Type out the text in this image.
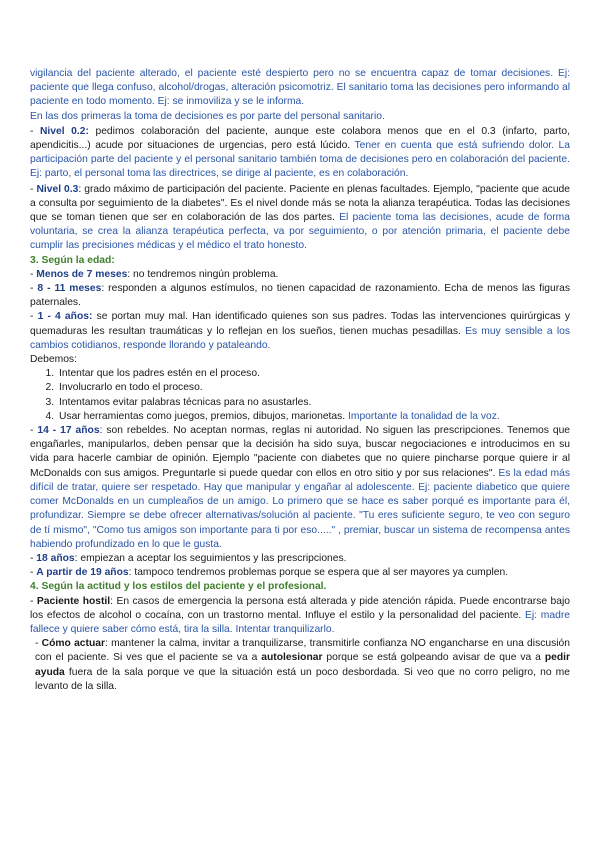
vigilancia del paciente alterado, el paciente esté despierto pero no se encuentra capaz de tomar decisiones. Ej: paciente que llega confuso, alcohol/drogas, alteración psicomotriz. El sanitario toma las decisiones pero informando al paciente en todo momento. Ej: se inmoviliza y se le informa.
En las dos primeras la toma de decisiones es por parte del personal sanitario.

- Nivel 0.2: pedimos colaboración del paciente, aunque este colabora menos que en el 0.3 (infarto, parto, apendicitis...) acude por situaciones de urgencias, pero está lúcido. Tener en cuenta que está sufriendo dolor. La participación parte del paciente y el personal sanitario también toma de decisiones pero en colaboración del paciente. Ej: parto, el personal toma las directrices, se dirige al paciente, es en colaboración.

- Nivel 0.3: grado máximo de participación del paciente. Paciente en plenas facultades. Ejemplo, "paciente que acude a consulta por seguimiento de la diabetes". Es el nivel donde más se nota la alianza terapéutica. Todas las decisiones que se toman tienen que ser en colaboración de las dos partes. El paciente toma las decisiones, acude de forma voluntaria, se crea la alianza terapéutica perfecta, va por seguimiento, o por atención primaria, el paciente debe cumplir las precisiones médicas y el médico el trato honesto.

3. Según la edad:

- Menos de 7 meses: no tendremos ningún problema.

- 8 - 11 meses: responden a algunos estímulos, no tienen capacidad de razonamiento. Echa de menos las figuras paternales.

- 1 - 4 años: se portan muy mal. Han identificado quienes son sus padres. Todas las intervenciones quirúrgicas y quemaduras les resultan traumáticas y lo reflejan en los sueños, tienen muchas pesadillas. Es muy sensible a los cambios cotidianos, responde llorando y pataleando.

Debemos:

1. Intentar que los padres estén en el proceso.
2. Involucrarlo en todo el proceso.
3. Intentamos evitar palabras técnicas para no asustarles.
4. Usar herramientas como juegos, premios, dibujos, marionetas. Importante la tonalidad de la voz.

- 14 - 17 años: son rebeldes. No aceptan normas, reglas ni autoridad. No siguen las prescripciones. Tenemos que engañarles, manipularlos, deben pensar que la decisión ha sido suya, buscar negociaciones e introducimos en su vida para hacerle cambiar de opinión. Ejemplo "paciente con diabetes que no quiere pincharse porque quiere ir al McDonalds con sus amigos. Preguntarle si puede quedar con ellos en otro sitio y por sus relaciones". Es la edad más difícil de tratar, quiere ser respetado. Hay que manipular y engañar al adolescente. Ej: paciente diabetico que quiere comer McDonalds en un cumpleaños de un amigo. Lo primero que se hace es saber porqué es importante para él, profundizar. Siempre se debe ofrecer alternativas/solución al paciente. "Tu eres suficiente seguro, te veo con seguro de tí mismo", "Como tus amigos son importante para ti por eso....." , premiar, buscar un sistema de recompensa antes habiendo profundizado en lo que le gusta.

- 18 años: empiezan a aceptar los seguimientos y las prescripciones.

- A partir de 19 años: tampoco tendremos problemas porque se espera que al ser mayores ya cumplen.

4. Según la actitud y los estilos del paciente y el profesional.

- Paciente hostil: En casos de emergencia la persona está alterada y pide atención rápida. Puede encontrarse bajo los efectos de alcohol o cocaína, con un trastorno mental. Influye el estilo y la personalidad del paciente. Ej: madre fallece y quiere saber cómo está, tira la silla. Intentar tranquilizarlo.

- Cómo actuar: mantener la calma, invitar a tranquilizarse, transmitirle confianza NO engancharse en una discusión con el paciente. Si ves que el paciente se va a autolesionar porque se está golpeando avisar de que va a pedir ayuda fuera de la sala porque ve que la situación está un poco desbordada. Si veo que no corro peligro, no me levanto de la silla.
